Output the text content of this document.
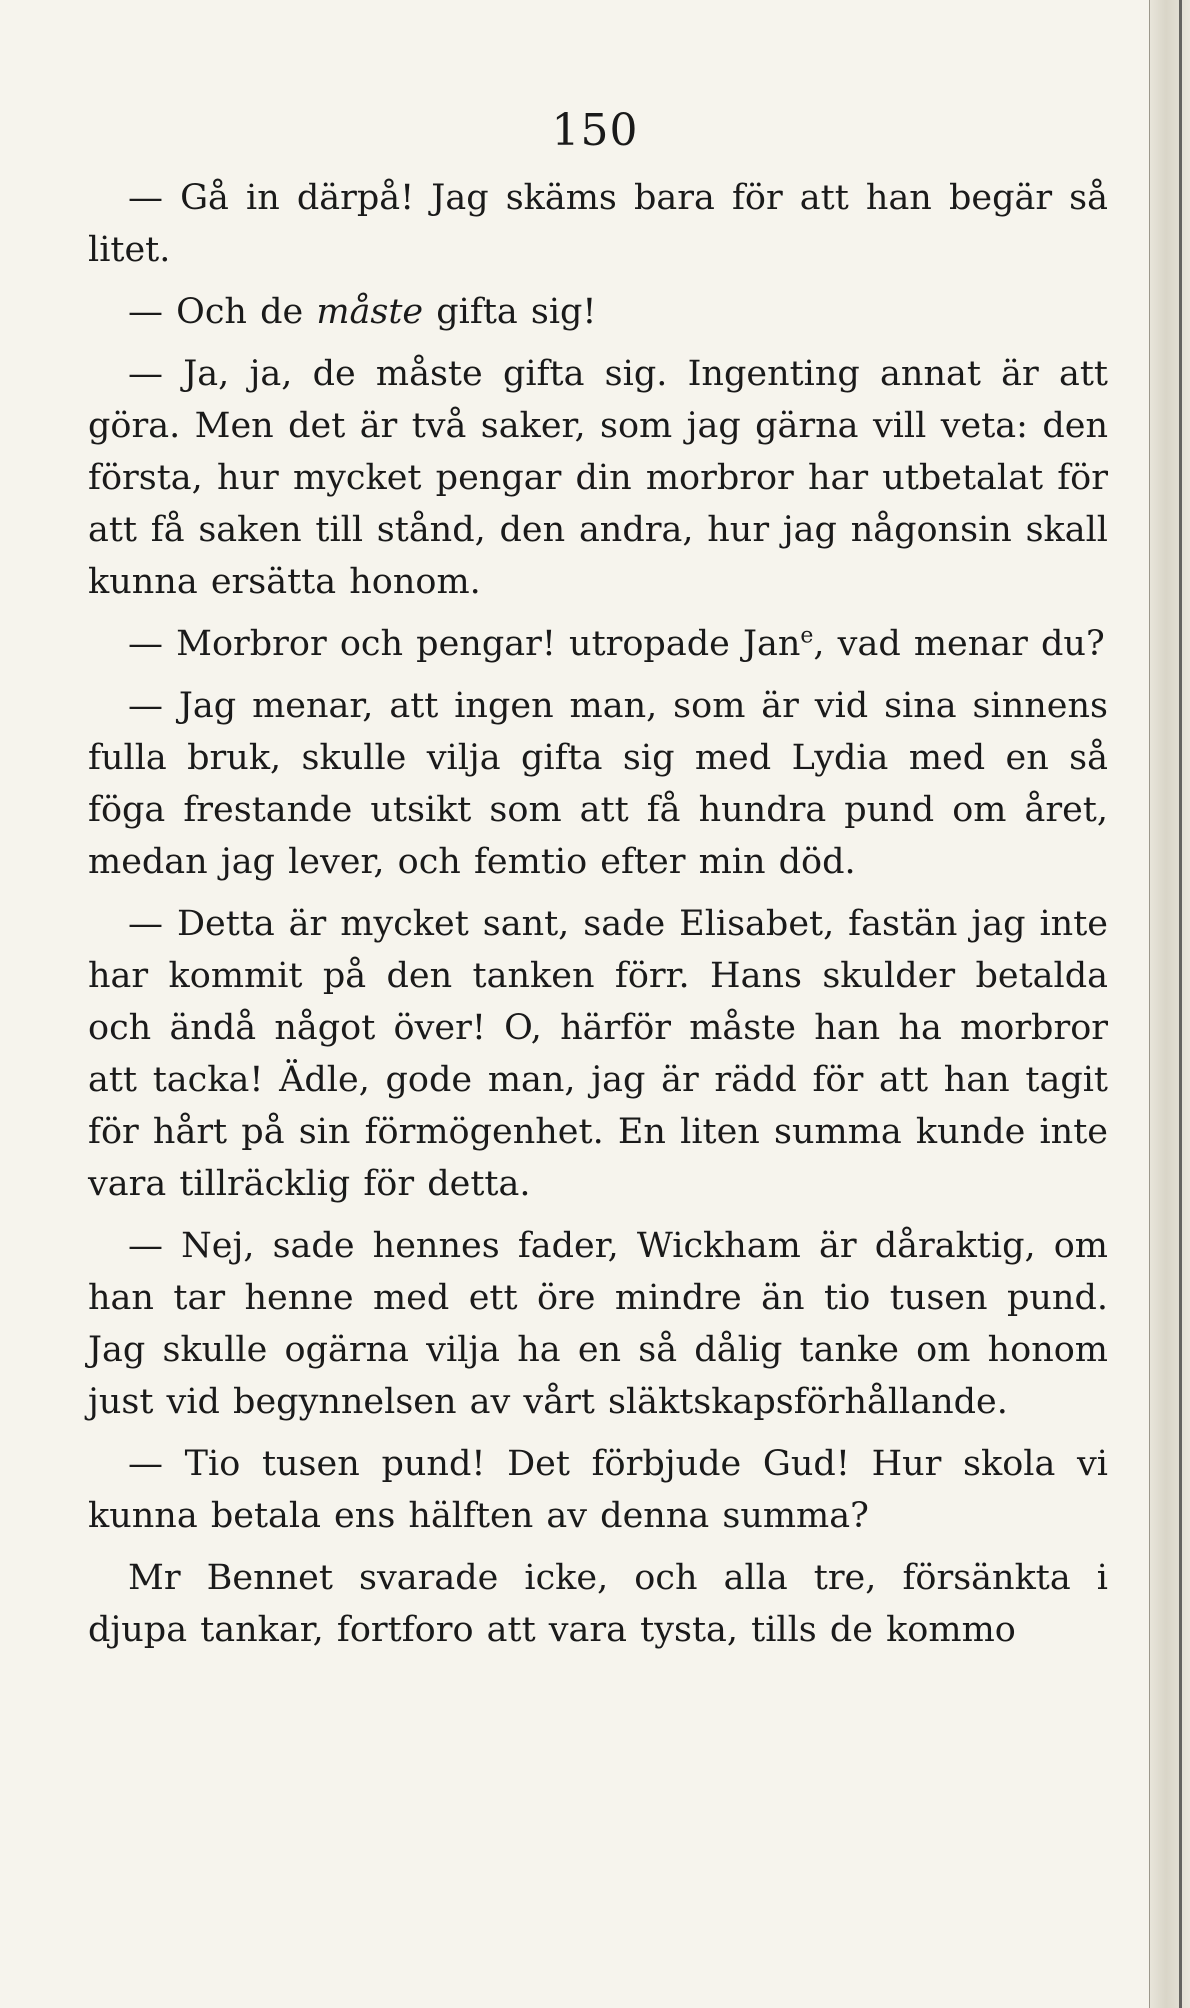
150

— Gå in därpå! Jag skäms bara för att han begär så litet.

— Och de måste gifta sig!

— Ja, ja, de måste gifta sig. Ingenting annat är att göra. Men det är två saker, som jag gärna vill veta: den första, hur mycket pengar din morbror har utbetalat för att få saken till stånd, den andra, hur jag någonsin skall kunna ersätta honom.

— Morbror och pengar! utropade Jan$^e$, vad menar du?

— Jag menar, att ingen man, som är vid sina sinnens fulla bruk, skulle vilja gifta sig med Lydia med en så föga frestande utsikt som att få hundra pund om året, medan jag lever, och femtio efter min död.

— Detta är mycket sant, sade Elisabet, fastän jag inte har kommit på den tanken förr. Hans skulder betalda och ändå något över! O, härför måste han ha morbror att tacka! Ädle, gode man, jag är rädd för att han tagit för hårt på sin förmögenhet. En liten summa kunde inte vara tillräcklig för detta.

— Nej, sade hennes fader, Wickham är dåraktig, om han tar henne med ett öre mindre än tio tusen pund. Jag skulle ogärna vilja ha en så dålig tanke om honom just vid begynnelsen av vårt släktskapsförhållande.

— Tio tusen pund! Det förbjude Gud! Hur skola vi kunna betala ens hälften av denna summa?

Mr Bennet svarade icke, och alla tre, försänkta i djupa tankar, fortforo att vara tysta, tills de kommo
